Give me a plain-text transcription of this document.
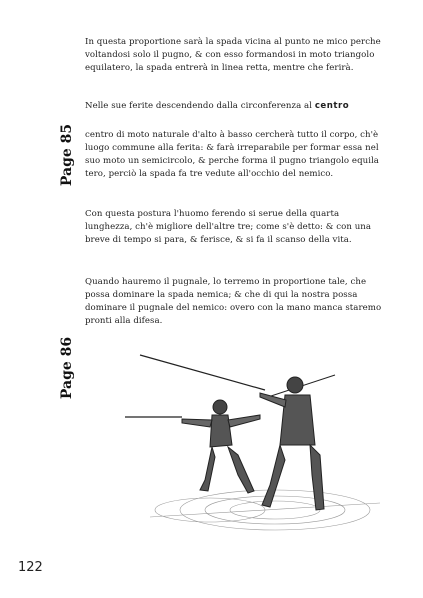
In questa proportione sarà la spada vicina al punto ne mico perche voltandosi solo il pugno, & con esso formandosi in moto triangolo equilatero, la spada entrerà in linea retta, mentre che ferirà.
Nelle sue ferite descendendo dalla circonferenza al centro
centro di moto naturale d'alto à basso cercherà tutto il corpo, ch'è luogo commune alla ferita: & farà irreparabile per formar essa nel suo moto un semicircolo, & perche forma il pugno triangolo equila tero, perciò la spada fa tre vedute all'occhio del nemico.
Con questa postura l'huomo ferendo si serue della quarta lunghezza, ch'è migliore dell'altre tre; come s'è detto: & con una breve di tempo si para, & ferisce, & si fa il scanso della vita.
Quando hauremo il pugnale, lo terremo in proportione tale, che possa dominare la spada nemica; & che di qui la nostra possa dominare il pugnale del nemico: overo con la mano manca staremo pronti alla difesa.
Page 85
Page 86
122
